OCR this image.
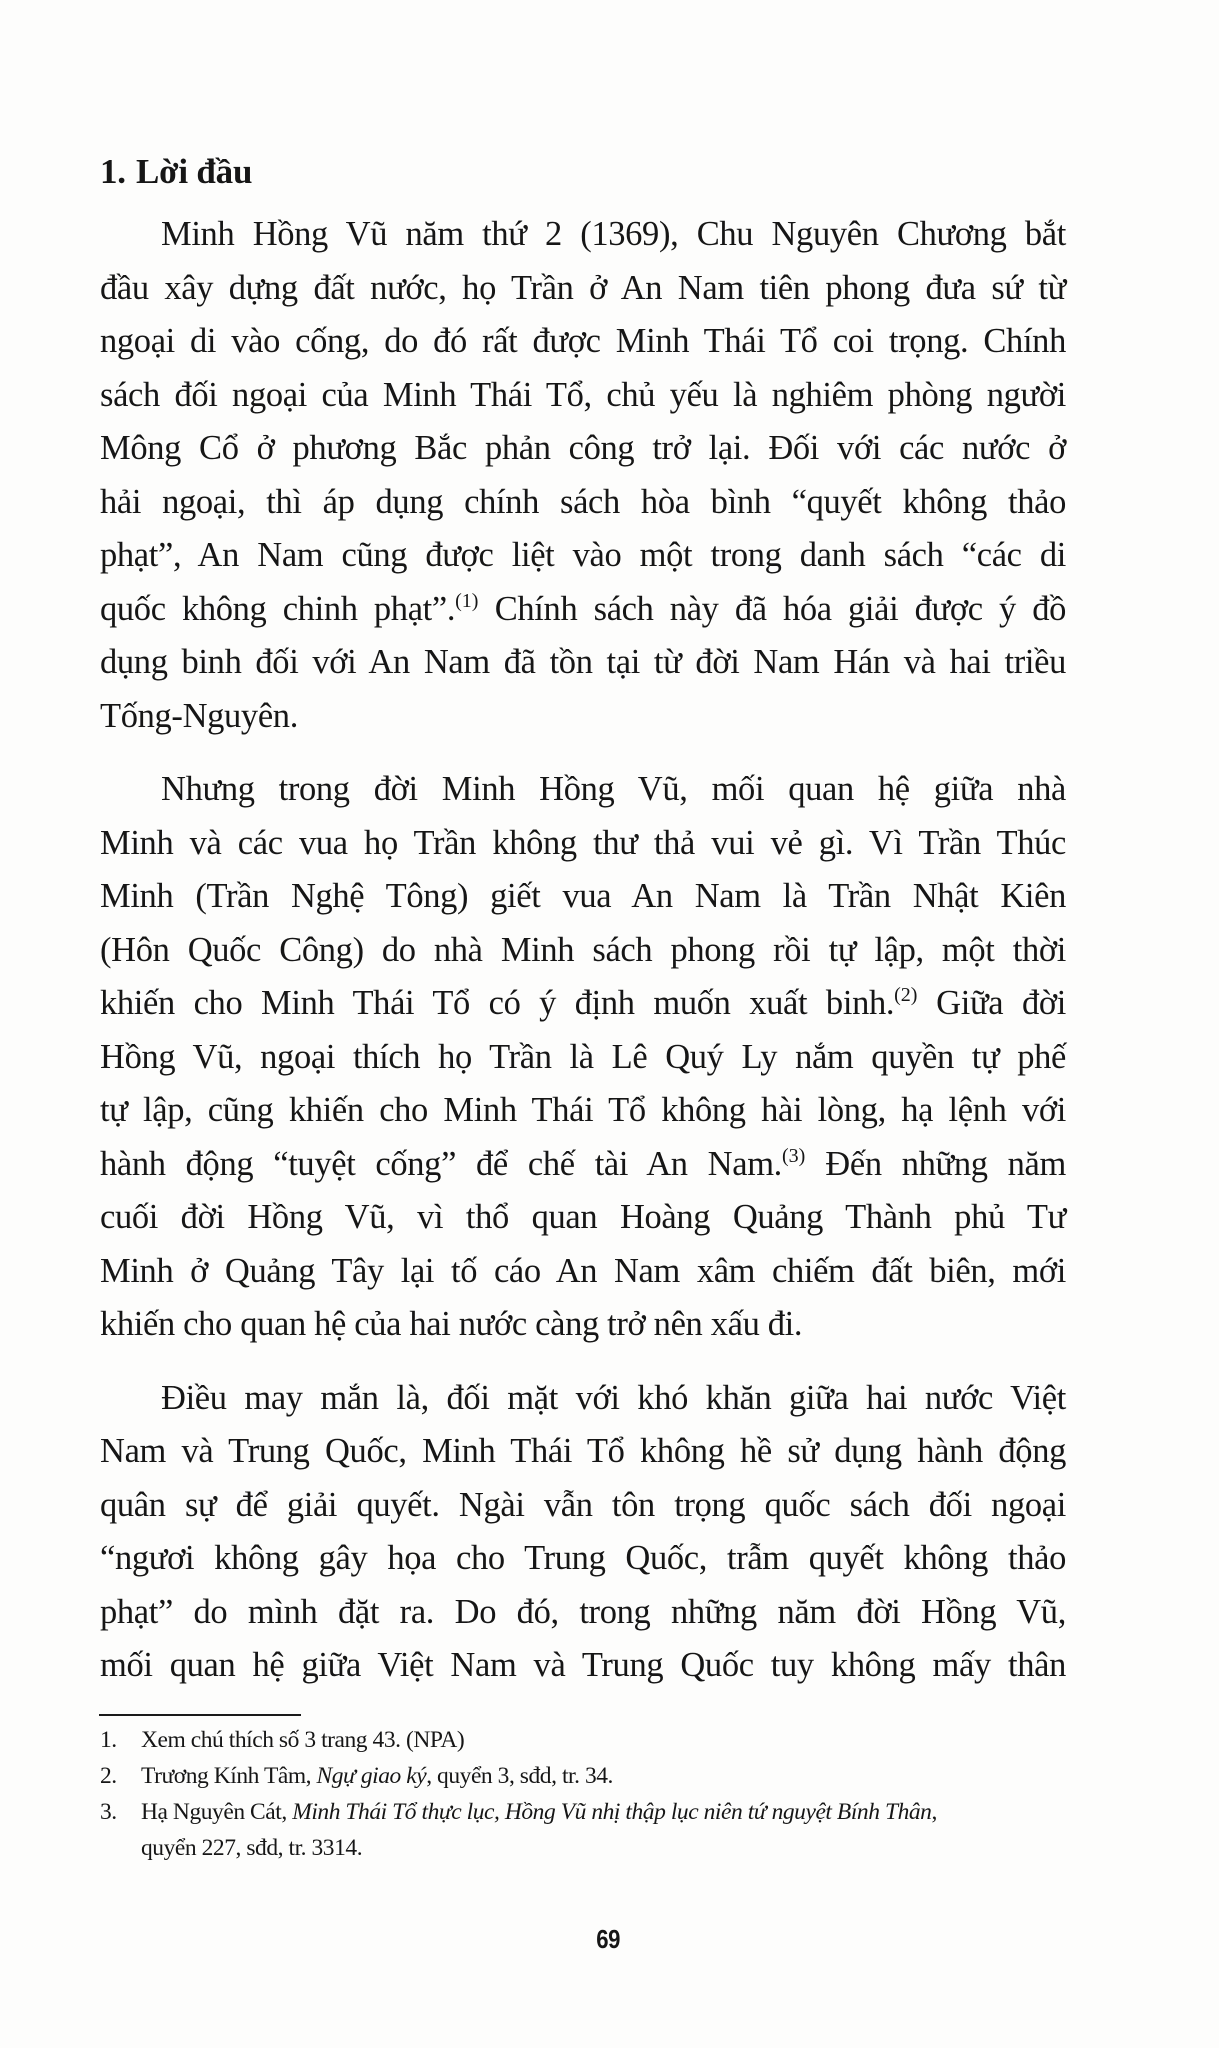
1. Lời đầu

Minh Hồng Vũ năm thứ 2 (1369), Chu Nguyên Chương bắt
đầu xây dựng đất nước, họ Trần ở An Nam tiên phong đưa sứ từ
ngoại di vào cống, do đó rất được Minh Thái Tổ coi trọng. Chính
sách đối ngoại của Minh Thái Tổ, chủ yếu là nghiêm phòng người
Mông Cổ ở phương Bắc phản công trở lại. Đối với các nước ở
hải ngoại, thì áp dụng chính sách hòa bình “quyết không thảo
phạt”, An Nam cũng được liệt vào một trong danh sách “các di
quốc không chinh phạt”.$^{(1)}$ Chính sách này đã hóa giải được ý đồ
dụng binh đối với An Nam đã tồn tại từ đời Nam Hán và hai triều
Tống-Nguyên.

Nhưng trong đời Minh Hồng Vũ, mối quan hệ giữa nhà
Minh và các vua họ Trần không thư thả vui vẻ gì. Vì Trần Thúc
Minh (Trần Nghệ Tông) giết vua An Nam là Trần Nhật Kiên
(Hôn Quốc Công) do nhà Minh sách phong rồi tự lập, một thời
khiến cho Minh Thái Tổ có ý định muốn xuất binh.$^{(2)}$ Giữa đời
Hồng Vũ, ngoại thích họ Trần là Lê Quý Ly nắm quyền tự phế
tự lập, cũng khiến cho Minh Thái Tổ không hài lòng, hạ lệnh với
hành động “tuyệt cống” để chế tài An Nam.$^{(3)}$ Đến những năm
cuối đời Hồng Vũ, vì thổ quan Hoàng Quảng Thành phủ Tư
Minh ở Quảng Tây lại tố cáo An Nam xâm chiếm đất biên, mới
khiến cho quan hệ của hai nước càng trở nên xấu đi.

Điều may mắn là, đối mặt với khó khăn giữa hai nước Việt
Nam và Trung Quốc, Minh Thái Tổ không hề sử dụng hành động
quân sự để giải quyết. Ngài vẫn tôn trọng quốc sách đối ngoại
“ngươi không gây họa cho Trung Quốc, trẫm quyết không thảo
phạt” do mình đặt ra. Do đó, trong những năm đời Hồng Vũ,
mối quan hệ giữa Việt Nam và Trung Quốc tuy không mấy thân

1.	Xem chú thích số 3 trang 43. (NPA)
2.	Trương Kính Tâm, Ngự giao ký, quyển 3, sđd, tr. 34.
3.	Hạ Nguyên Cát, Minh Thái Tổ thực lục, Hồng Vũ nhị thập lục niên tứ nguyệt Bính Thân,
quyển 227, sđd, tr. 3314.
69
